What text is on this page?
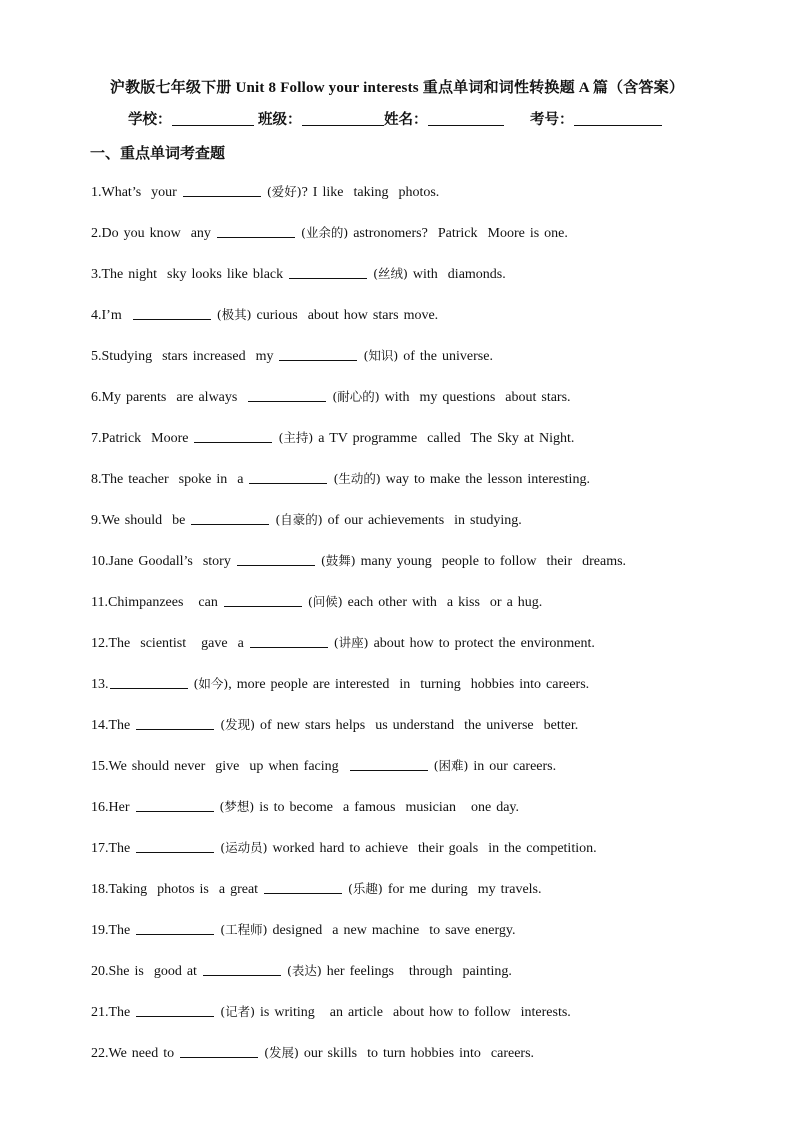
沪教版七年级下册 Unit 8 Follow your interests 重点单词和词性转换题 A 篇（含答案）
学校：	班级：	姓名：	考号：
一、重点单词考查题
1.What’s  your	(爱好)? I like  taking  photos.
2.Do you know  any	(业余的) astronomers?  Patrick  Moore is one.
3.The night  sky looks like black	(丝绒) with  diamonds.
4.I’m	(极其) curious  about how stars move.
5.Studying  stars increased  my	(知识) of the universe.
6.My parents  are always	(耐心的) with  my questions  about stars.
7.Patrick  Moore	(主持) a TV programme  called  The Sky at Night.
8.The teacher  spoke in  a	(生动的) way to make the lesson interesting.
9.We should  be	(自豪的) of our achievements  in studying.
10.Jane Goodall’s  story	(鼓舞) many young  people to follow  their  dreams.
11.Chimpanzees   can	(问候) each other with  a kiss  or a hug.
12.The  scientist   gave  a	(讲座) about how to protect the environment.
13.	(如今), more people are interested  in  turning  hobbies into careers.
14.The	(发现) of new stars helps  us understand  the universe  better.
15.We should never  give  up when facing	(困难) in our careers.
16.Her	(梦想) is to become  a famous  musician   one day.
17.The	(运动员) worked hard to achieve  their goals  in the competition.
18.Taking  photos is  a great	(乐趣) for me during  my travels.
19.The	(工程师) designed  a new machine  to save energy.
20.She is  good at	(表达) her feelings   through  painting.
21.The	(记者) is writing   an article  about how to follow  interests.
22.We need to	(发展) our skills  to turn hobbies into  careers.
